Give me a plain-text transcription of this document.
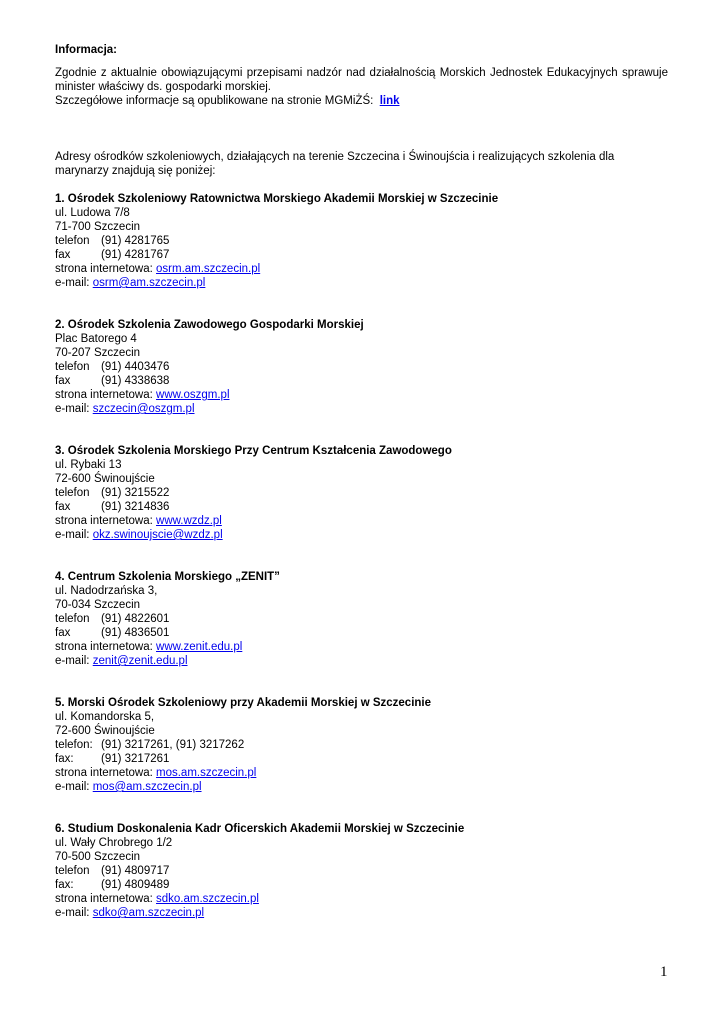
Informacja:
Zgodnie z aktualnie obowiązującymi przepisami nadzór nad działalnością Morskich Jednostek Edukacyjnych sprawuje minister właściwy ds. gospodarki morskiej.
Szczegółowe informacje są opublikowane na stronie MGMiŻŚ: link
Adresy ośrodków szkoleniowych, działających na terenie Szczecina i Świnoujścia i realizujących szkolenia dla marynarzy znajdują się poniżej:
1. Ośrodek Szkoleniowy Ratownictwa Morskiego Akademii Morskiej w Szczecinie
ul. Ludowa 7/8
71-700 Szczecin
telefon (91) 4281765
fax	(91) 4281767
strona internetowa: osrm.am.szczecin.pl
e-mail: osrm@am.szczecin.pl
2. Ośrodek Szkolenia Zawodowego Gospodarki Morskiej
Plac Batorego 4
70-207 Szczecin
telefon (91) 4403476
fax	(91) 4338638
strona internetowa: www.oszgm.pl
e-mail: szczecin@oszgm.pl
3. Ośrodek Szkolenia Morskiego Przy Centrum Kształcenia Zawodowego
ul. Rybaki 13
72-600 Świnoujście
telefon (91) 3215522
fax	(91) 3214836
strona internetowa: www.wzdz.pl
e-mail: okz.swinoujscie@wzdz.pl
4. Centrum Szkolenia Morskiego „ZENIT”
ul. Nadodrzańska 3,
70-034 Szczecin
telefon (91) 4822601
fax	(91) 4836501
strona internetowa: www.zenit.edu.pl
e-mail: zenit@zenit.edu.pl
5. Morski Ośrodek Szkoleniowy przy Akademii Morskiej w Szczecinie
ul. Komandorska 5,
72-600 Świnoujście
telefon: (91) 3217261, (91) 3217262
fax: (91) 3217261
strona internetowa: mos.am.szczecin.pl
e-mail: mos@am.szczecin.pl
6. Studium Doskonalenia Kadr Oficerskich Akademii Morskiej w Szczecinie
ul. Wały Chrobrego 1/2
70-500 Szczecin
telefon (91) 4809717
fax: (91) 4809489
strona internetowa: sdko.am.szczecin.pl
e-mail: sdko@am.szczecin.pl
1
